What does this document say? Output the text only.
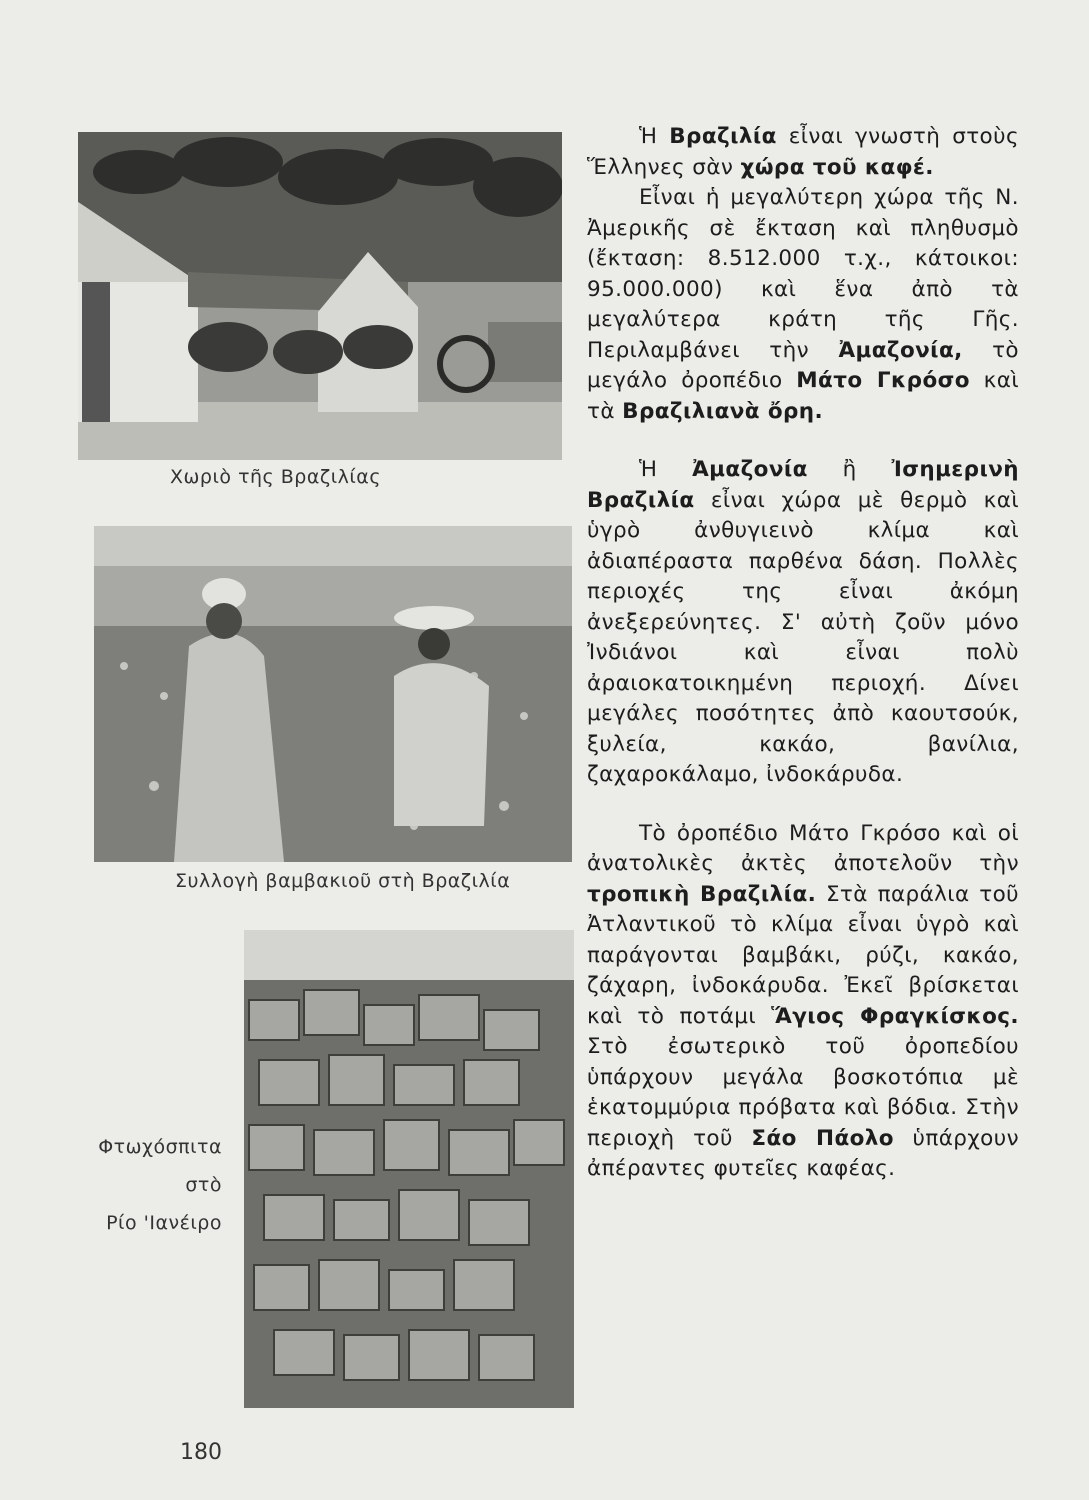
Χωριὸ τῆς Βραζιλίας
Συλλογὴ βαμβακιοῦ στὴ Βραζιλία
Φτωχόσπιτα
στὸ
Ρίο 'Ιανέιρο

Ἡ Βραζιλία εἶναι γνωστὴ στοὺς Ἕλληνες σὰν χώρα τοῦ καφέ.

Εἶναι ἡ μεγαλύτερη χώρα τῆς Ν. Ἀμερικῆς σὲ ἔκταση καὶ πληθυσμὸ (ἔκταση: 8.512.000 τ.χ., κάτοικοι: 95.000.000) καὶ ἕνα ἀπὸ τὰ μεγαλύτερα κράτη τῆς Γῆς. Περιλαμβάνει τὴν Ἀμαζονία, τὸ μεγάλο ὀροπέδιο Μάτο Γκρόσο καὶ τὰ Βραζιλιανὰ ὄρη.

Ἡ Ἀμαζονία ἢ Ἰσημερινὴ Βραζιλία εἶναι χώρα μὲ θερμὸ καὶ ὑγρὸ ἀνθυγιεινὸ κλίμα καὶ ἀδιαπέραστα παρθένα δάση. Πολλὲς περιοχές της εἶναι ἀκόμη ἀνεξερεύνητες. Σ' αὐτὴ ζοῦν μόνο Ἰνδιάνοι καὶ εἶναι πολὺ ἀραιοκατοικημένη περιοχή. Δίνει μεγάλες ποσότητες ἀπὸ καουτσούκ, ξυλεία, κακάο, βανίλια, ζαχαροκάλαμο, ἰνδοκάρυδα.

Τὸ ὀροπέδιο Μάτο Γκρόσο καὶ οἱ ἀνατολικὲς ἀκτὲς ἀποτελοῦν τὴν τροπικὴ Βραζιλία. Στὰ παράλια τοῦ Ἀτλαντικοῦ τὸ κλίμα εἶναι ὑγρὸ καὶ παράγονται βαμβάκι, ρύζι, κακάο, ζάχαρη, ἰνδοκάρυδα. Ἐκεῖ βρίσκεται καὶ τὸ ποτάμι Ἅγιος Φραγκίσκος. Στὸ ἐσωτερικὸ τοῦ ὀροπεδίου ὑπάρχουν μεγάλα βοσκοτόπια μὲ ἑκατομμύρια πρόβατα καὶ βόδια. Στὴν περιοχὴ τοῦ Σάο Πάολο ὑπάρχουν ἀπέραντες φυτεῖες καφέας.

180
